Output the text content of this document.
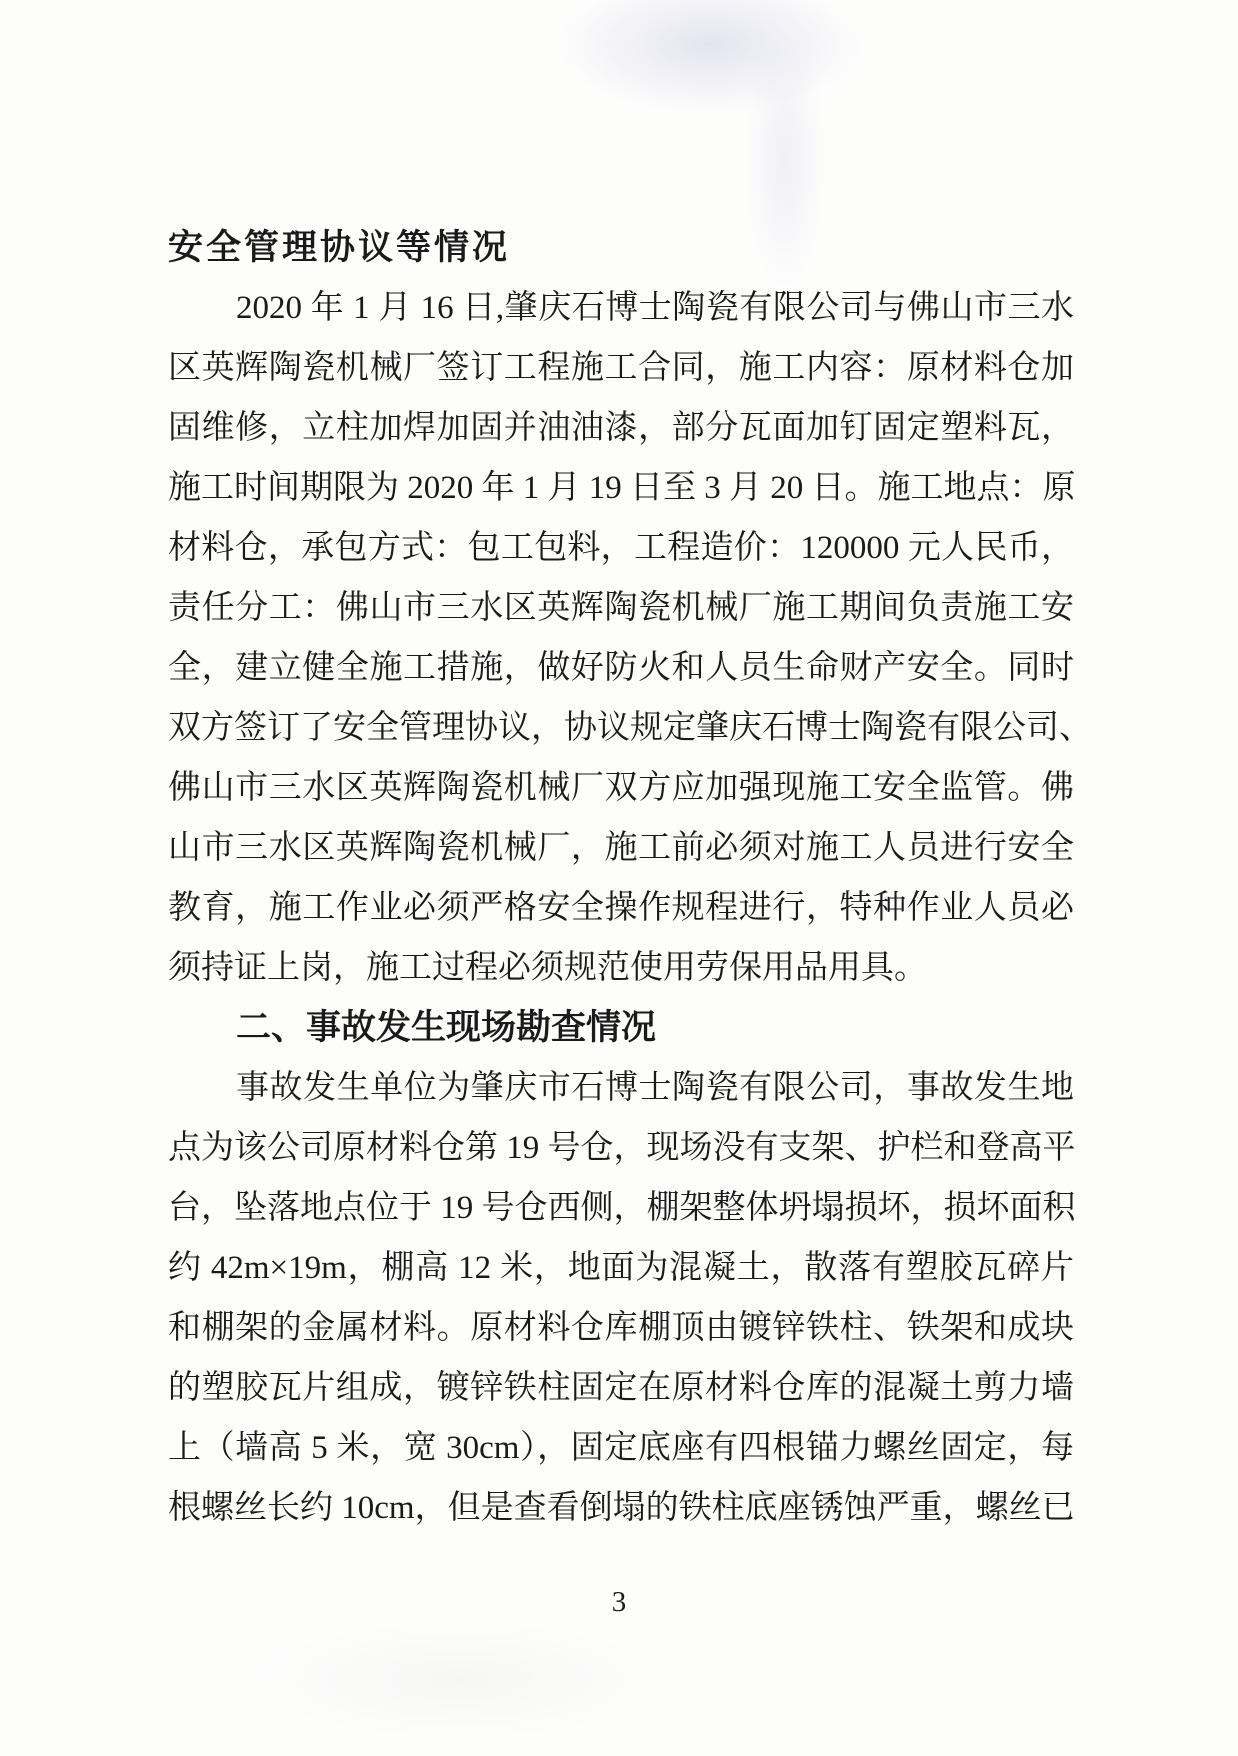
安全管理协议等情况
2020 年 1 月 16 日,肇庆石博士陶瓷有限公司与佛山市三水
区英辉陶瓷机械厂签订工程施工合同，施工内容：原材料仓加
固维修，立柱加焊加固并油油漆，部分瓦面加钉固定塑料瓦，
施工时间期限为 2020 年 1 月 19 日至 3 月 20 日。施工地点：原
材料仓，承包方式：包工包料，工程造价：120000 元人民币，
责任分工：佛山市三水区英辉陶瓷机械厂施工期间负责施工安
全，建立健全施工措施，做好防火和人员生命财产安全。同时
双方签订了安全管理协议，协议规定肇庆石博士陶瓷有限公司、
佛山市三水区英辉陶瓷机械厂双方应加强现施工安全监管。佛
山市三水区英辉陶瓷机械厂，施工前必须对施工人员进行安全
教育，施工作业必须严格安全操作规程进行，特种作业人员必
须持证上岗，施工过程必须规范使用劳保用品用具。
二、事故发生现场勘查情况
事故发生单位为肇庆市石博士陶瓷有限公司，事故发生地
点为该公司原材料仓第 19 号仓，现场没有支架、护栏和登高平
台，坠落地点位于 19 号仓西侧，棚架整体坍塌损坏，损坏面积
约 42m×19m，棚高 12 米，地面为混凝土，散落有塑胶瓦碎片
和棚架的金属材料。原材料仓库棚顶由镀锌铁柱、铁架和成块
的塑胶瓦片组成，镀锌铁柱固定在原材料仓库的混凝土剪力墙
上（墙高 5 米，宽 30cm），固定底座有四根锚力螺丝固定，每
根螺丝长约 10cm，但是查看倒塌的铁柱底座锈蚀严重，螺丝已
3
